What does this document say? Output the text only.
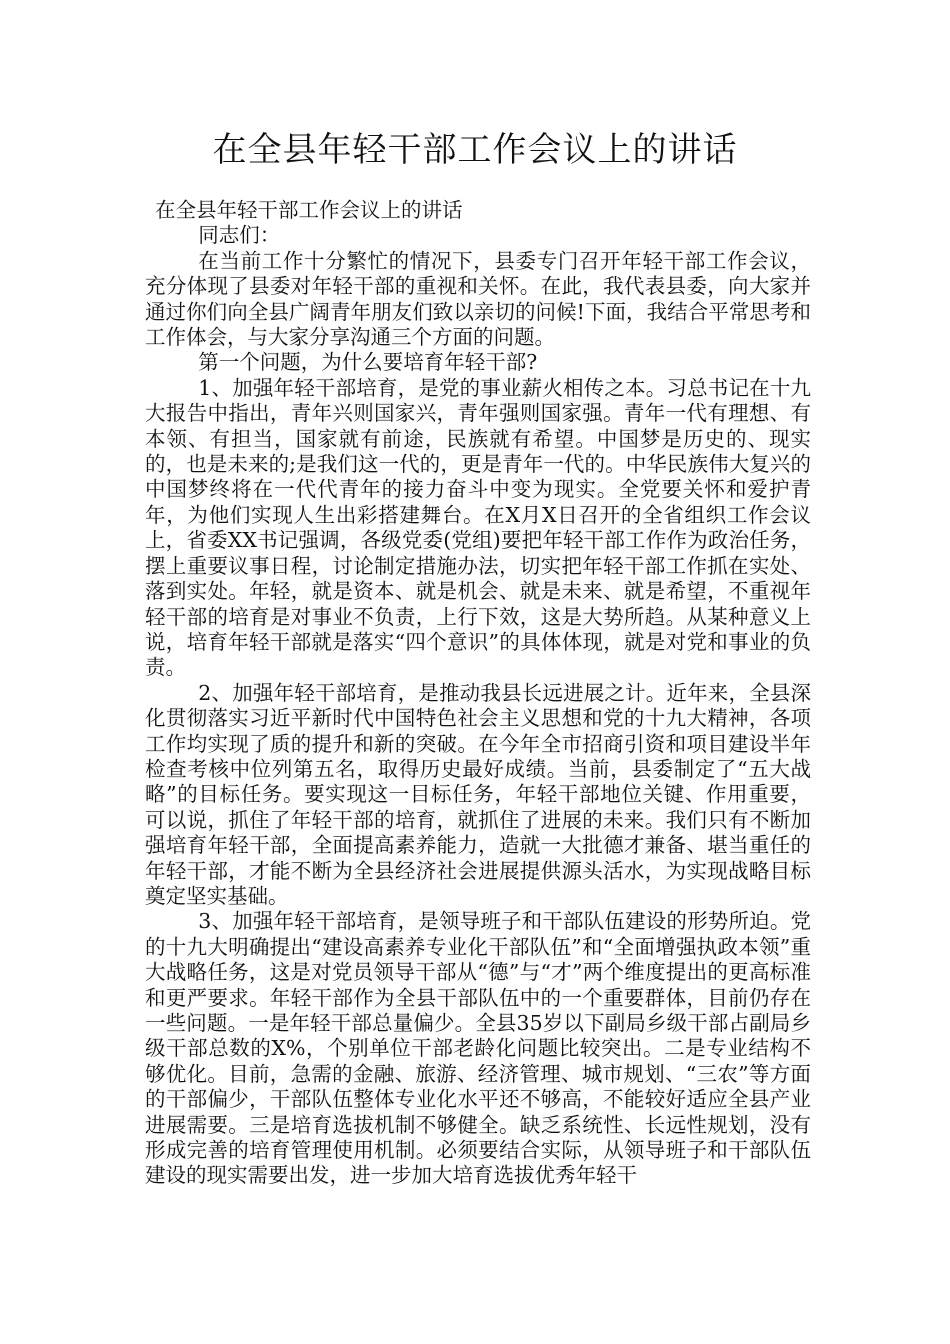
在全县年轻干部工作会议上的讲话

在全县年轻干部工作会议上的讲话

同志们：

在当前工作十分繁忙的情况下，县委专门召开年轻干部工作会议，充分体现了县委对年轻干部的重视和关怀。在此，我代表县委，向大家并通过你们向全县广阔青年朋友们致以亲切的问候!下面，我结合平常思考和工作体会，与大家分享沟通三个方面的问题。

第一个问题，为什么要培育年轻干部?

1、加强年轻干部培育，是党的事业薪火相传之本。习总书记在十九大报告中指出，青年兴则国家兴，青年强则国家强。青年一代有理想、有本领、有担当，国家就有前途，民族就有希望。中国梦是历史的、现实的，也是未来的;是我们这一代的，更是青年一代的。中华民族伟大复兴的中国梦终将在一代代青年的接力奋斗中变为现实。全党要关怀和爱护青年，为他们实现人生出彩搭建舞台。在X月X日召开的全省组织工作会议上，省委XX书记强调，各级党委(党组)要把年轻干部工作作为政治任务，摆上重要议事日程，讨论制定措施办法，切实把年轻干部工作抓在实处、落到实处。年轻，就是资本、就是机会、就是未来、就是希望，不重视年轻干部的培育是对事业不负责，上行下效，这是大势所趋。从某种意义上说，培育年轻干部就是落实“四个意识”的具体体现，就是对党和事业的负责。

2、加强年轻干部培育，是推动我县长远进展之计。近年来，全县深化贯彻落实习近平新时代中国特色社会主义思想和党的十九大精神，各项工作均实现了质的提升和新的突破。在今年全市招商引资和项目建设半年检查考核中位列第五名，取得历史最好成绩。当前，县委制定了“五大战略”的目标任务。要实现这一目标任务，年轻干部地位关键、作用重要，可以说，抓住了年轻干部的培育，就抓住了进展的未来。我们只有不断加强培育年轻干部，全面提高素养能力，造就一大批德才兼备、堪当重任的年轻干部，才能不断为全县经济社会进展提供源头活水，为实现战略目标奠定坚实基础。

3、加强年轻干部培育，是领导班子和干部队伍建设的形势所迫。党的十九大明确提出“建设高素养专业化干部队伍”和“全面增强执政本领”重大战略任务，这是对党员领导干部从“德”与“才”两个维度提出的更高标准和更严要求。年轻干部作为全县干部队伍中的一个重要群体，目前仍存在一些问题。一是年轻干部总量偏少。全县35岁以下副局乡级干部占副局乡级干部总数的X%，个别单位干部老龄化问题比较突出。二是专业结构不够优化。目前，急需的金融、旅游、经济管理、城市规划、“三农”等方面的干部偏少，干部队伍整体专业化水平还不够高，不能较好适应全县产业进展需要。三是培育选拔机制不够健全。缺乏系统性、长远性规划，没有形成完善的培育管理使用机制。必须要结合实际，从领导班子和干部队伍建设的现实需要出发，进一步加大培育选拔优秀年轻干
